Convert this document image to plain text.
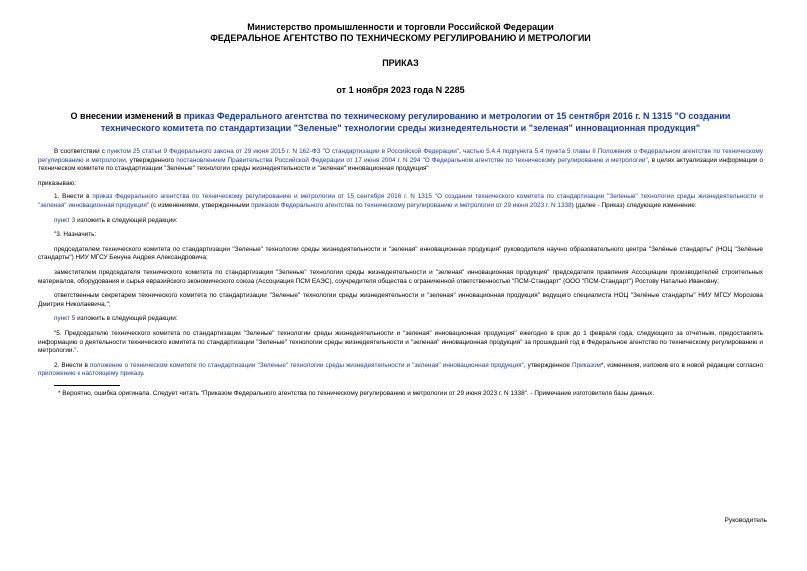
Министерство промышленности и торговли Российской Федерации
ФЕДЕРАЛЬНОЕ АГЕНТСТВО ПО ТЕХНИЧЕСКОМУ РЕГУЛИРОВАНИЮ И МЕТРОЛОГИИ
ПРИКАЗ
от 1 ноября 2023 года N 2285
О внесении изменений в приказ Федерального агентства по техническому регулированию и метрологии от 15 сентября 2016 г. N 1315 "О создании технического комитета по стандартизации "Зеленые" технологии среды жизнедеятельности и "зеленая" инновационная продукция"

В соответствии с пунктом 25 статьи 9 Федерального закона от 29 июня 2015 г. N 162-ФЗ "О стандартизации в Российской Федерации", частью 5.4.4 подпункта 5.4 пункта 5 главы II Положения о Федеральном агентстве по техническому регулированию и метрологии, утвержденного постановлением Правительства Российской Федерации от 17 июня 2004 г. N 294 "О Федеральном агентстве по техническому регулированию и метрологии", в целях актуализации информации о техническом комитете по стандартизации "Зеленые" технологии среды жизнедеятельности и "зеленая" инновационная продукция"

приказываю:

1. Внести в приказ Федерального агентства по техническому регулированию и метрологии от 15 сентября 2016 г. N 1315 "О создании технического комитета по стандартизации "Зеленые" технологии среды жизнедеятельности и "зеленая" инновационная продукция" (с изменениями, утвержденными приказом Федерального агентства по техническому регулированию и метрологии от 29 июня 2023 г. N 1338) (далее - Приказ) следующие изменение:

пункт 3 изложить в следующей редакции:

"3. Назначить:

председателем технического комитета по стандартизации "Зеленые" технологии среды жизнедеятельности и "зеленая" инновационная продукция" руководителя научно образовательного центра "Зелёные стандарты" (НОЦ "Зелёные стандарты") НИУ МГСУ Бенуна Андрея Александровича;

заместителем председателя технического комитета по стандартизации "Зеленые" технологии среды жизнедеятельности и "зеленая" инновационная продукция" председателя правления Ассоциации производителей строительных материалов, оборудования и сырья евразийского экономического союза (Ассоциация ПСМ ЕАЭС), соучредителя общества с ограниченной ответственностью "ПСМ-Стандарт" (ООО "ПСМ-Стандарт") Ростову Наталью Ивановну;

ответственным секретарем технического комитета по стандартизации "Зеленые" технологии среды жизнедеятельности и "зеленая" инновационная продукция" ведущего специалиста НОЦ "Зелёные стандарты" НИУ МГСУ Морозова Дмитрия Николаевича.";

пункт 5 изложить в следующей редакции:

"5. Председателю технического комитета по стандартизации "Зеленые" технологии среды жизнедеятельности и "зеленая" инновационная продукция" ежегодно в срок до 1 февраля года, следующего за отчетным, предоставлять информацию о деятельности технического комитета по стандартизации "Зеленые" технологии среды жизнедеятельности и "зеленая" инновационная продукция" за прошедший год в Федеральное агентство по техническому регулированию и метрологии.".

2. Внести в положение о техническом комитете по стандартизации "Зеленые" технологии среды жизнедеятельности и "зеленая" инновационная продукция", утвержденное Приказом*, изменения, изложив его в новой редакции согласно приложению к настоящему приказу.

* Вероятно, ошибка оригинала. Следует читать "Приказом Федерального агентства по техническому регулированию и метрологии от 29 июня 2023 г. N 1338". - Примечание изготовителя базы данных.
Руководитель
